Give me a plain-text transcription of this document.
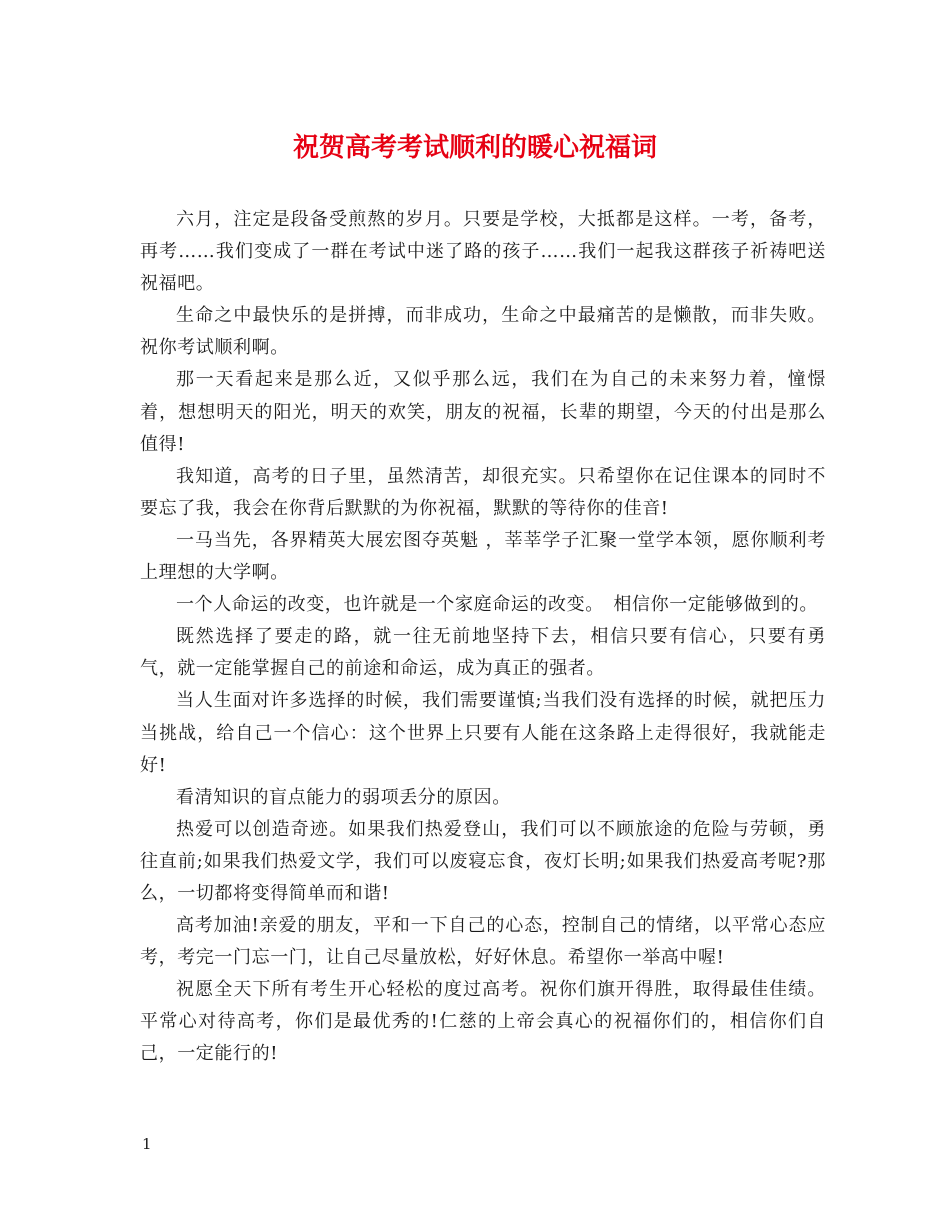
祝贺高考考试顺利的暖心祝福词

六月，注定是段备受煎熬的岁月。只要是学校，大抵都是这样。一考，备考，再考……我们变成了一群在考试中迷了路的孩子……我们一起我这群孩子祈祷吧送祝福吧。

生命之中最快乐的是拼搏，而非成功，生命之中最痛苦的是懒散，而非失败。祝你考试顺利啊。

那一天看起来是那么近，又似乎那么远，我们在为自己的未来努力着，憧憬着，想想明天的阳光，明天的欢笑，朋友的祝福，长辈的期望，今天的付出是那么值得!

我知道，高考的日子里，虽然清苦，却很充实。只希望你在记住课本的同时不要忘了我，我会在你背后默默的为你祝福，默默的等待你的佳音!

一马当先，各界精英大展宏图夺英魁 ，莘莘学子汇聚一堂学本领，愿你顺利考上理想的大学啊。

一个人命运的改变，也许就是一个家庭命运的改变。　相信你一定能够做到的。

既然选择了要走的路，就一往无前地坚持下去，相信只要有信心，只要有勇气，就一定能掌握自己的前途和命运，成为真正的强者。

当人生面对许多选择的时候，我们需要谨慎;当我们没有选择的时候，就把压力当挑战，给自己一个信心：这个世界上只要有人能在这条路上走得很好，我就能走好!

看清知识的盲点能力的弱项丢分的原因。

热爱可以创造奇迹。如果我们热爱登山，我们可以不顾旅途的危险与劳顿，勇往直前;如果我们热爱文学，我们可以废寝忘食，夜灯长明;如果我们热爱高考呢?那么，一切都将变得简单而和谐!

高考加油!亲爱的朋友，平和一下自己的心态，控制自己的情绪，以平常心态应考，考完一门忘一门，让自己尽量放松，好好休息。希望你一举高中喔!

祝愿全天下所有考生开心轻松的度过高考。祝你们旗开得胜，取得最佳佳绩。平常心对待高考，你们是最优秀的!仁慈的上帝会真心的祝福你们的，相信你们自己，一定能行的!

1
